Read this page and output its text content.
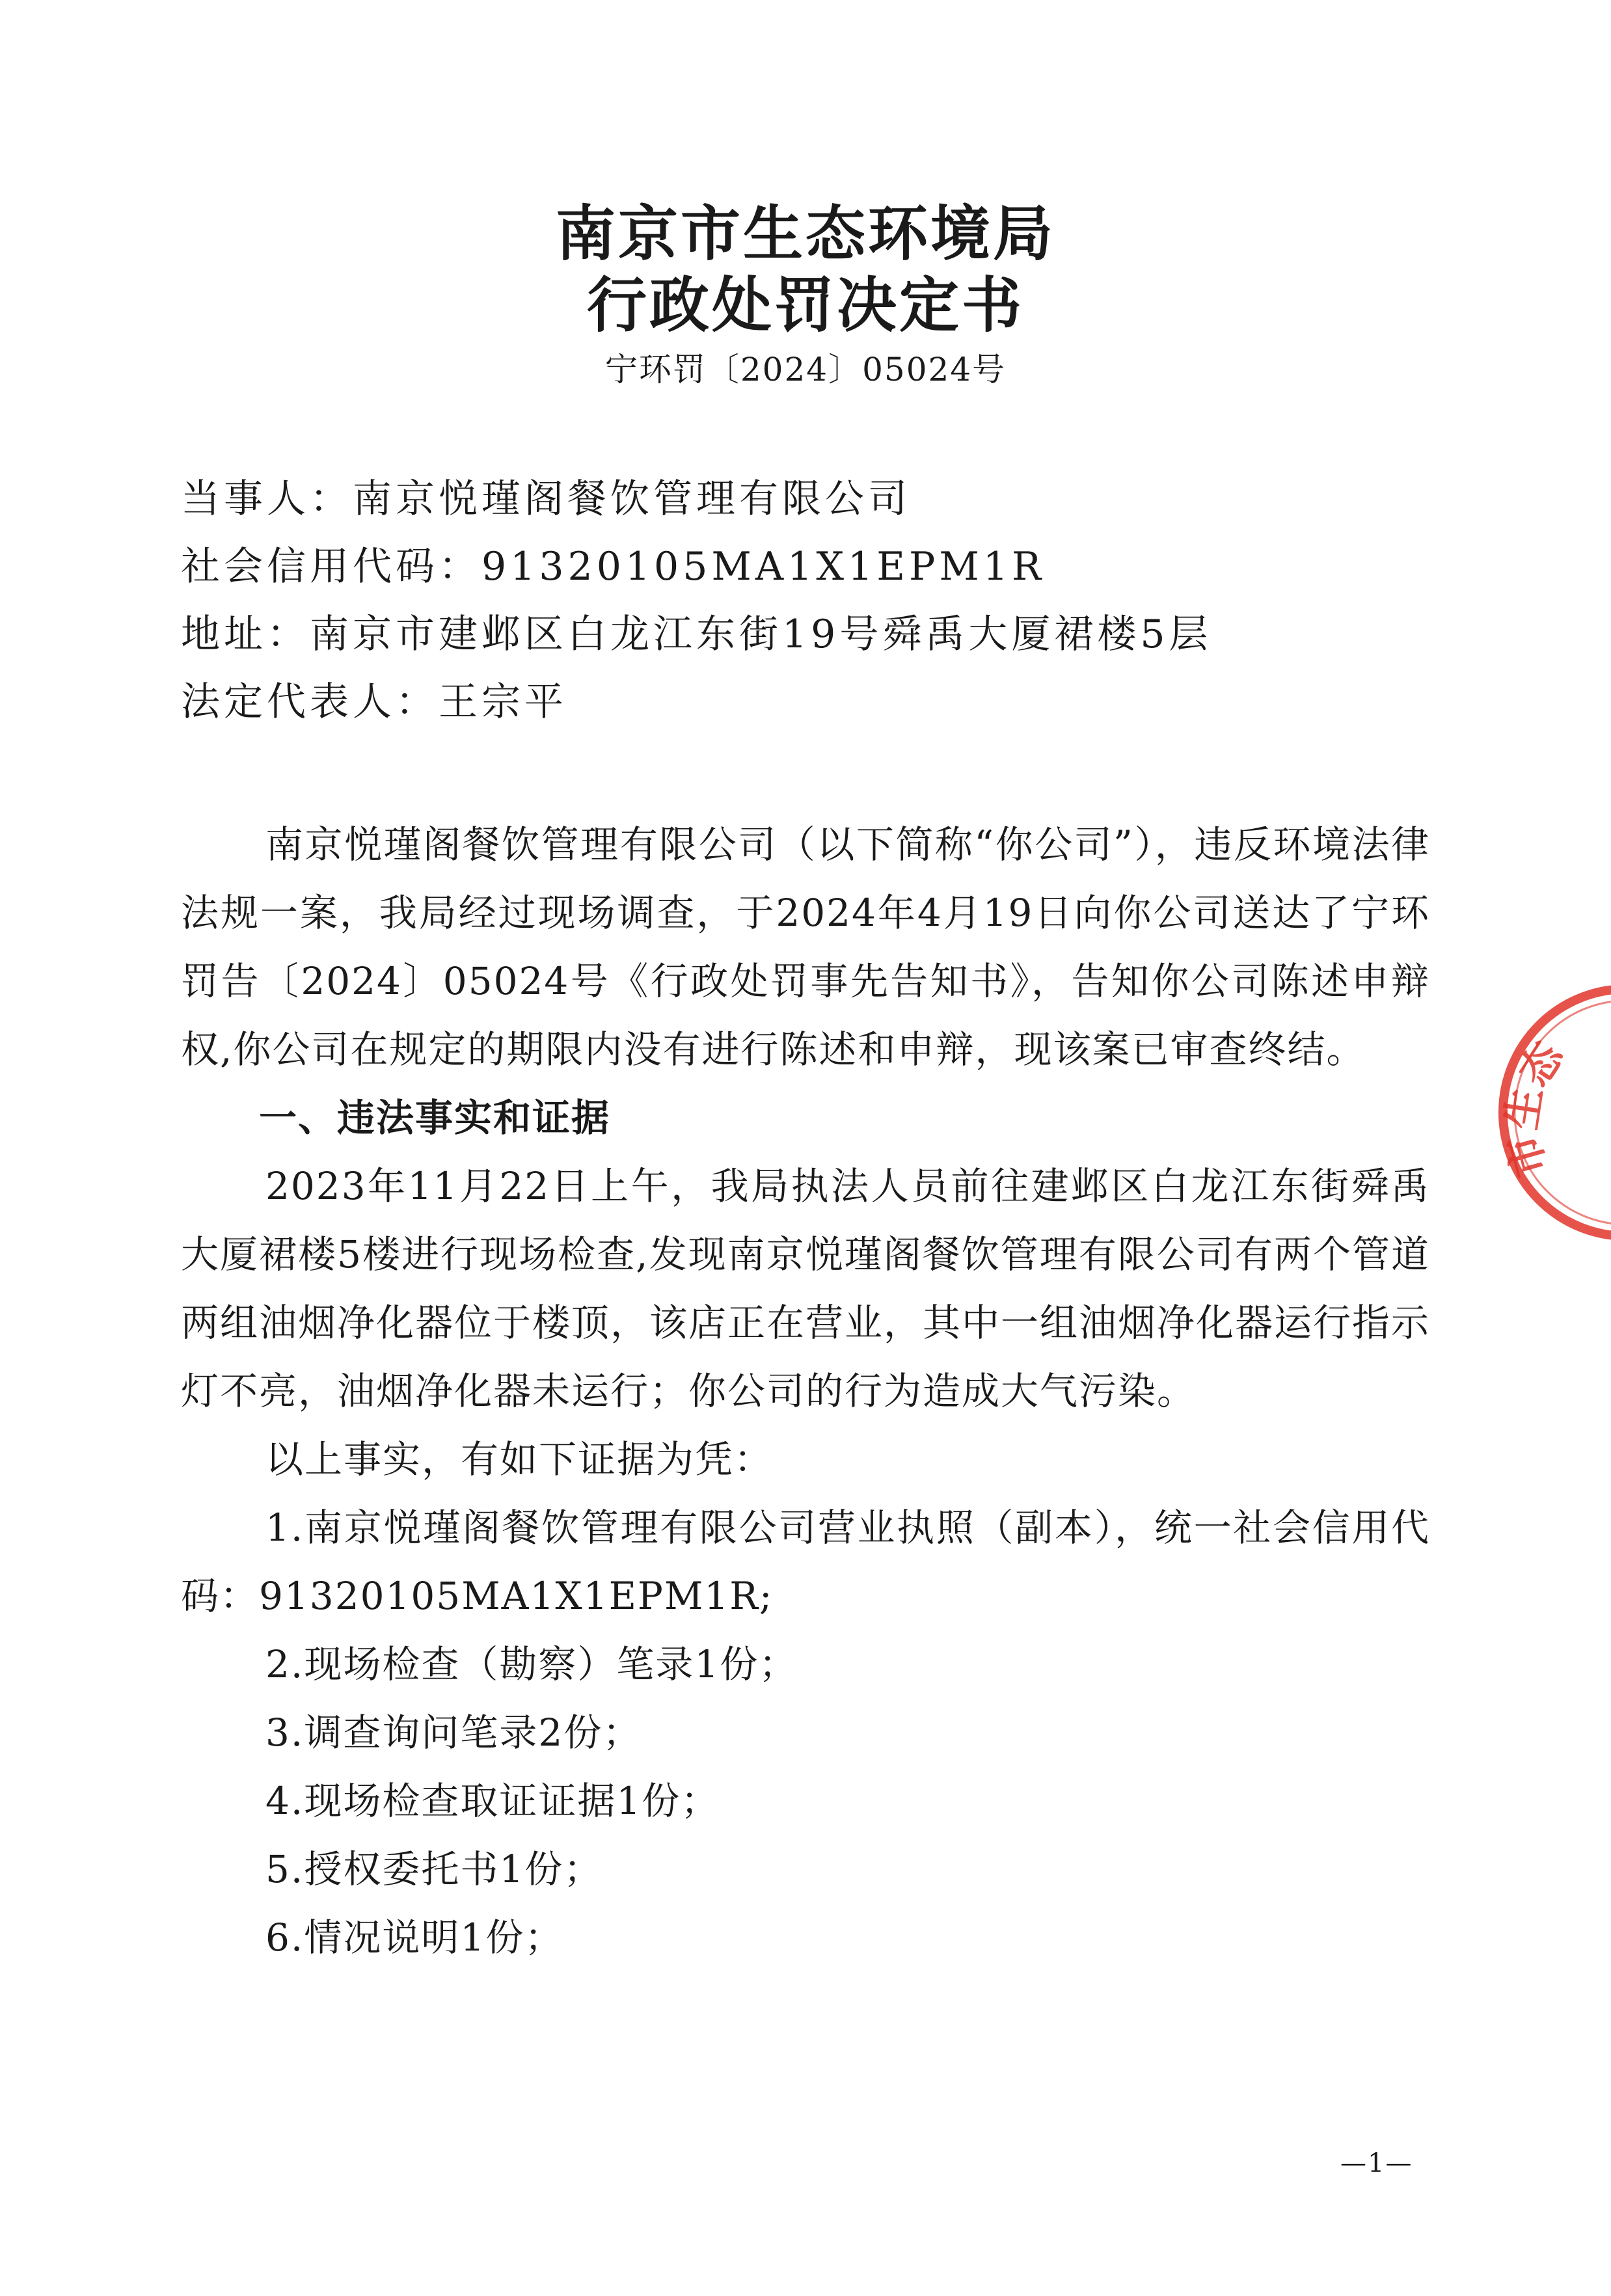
南京市生态环境局
行政处罚决定书
宁环罚〔2024〕05024号
当事人：南京悦瑾阁餐饮管理有限公司
社会信用代码：91320105MA1X1EPM1R
地址：南京市建邺区白龙江东街19号舜禹大厦裙楼5层
法定代表人：王宗平

南京悦瑾阁餐饮管理有限公司（以下简称“你公司”），违反环境法律法规一案，我局经过现场调查，于2024年4月19日向你公司送达了宁环罚告〔2024〕05024号《行政处罚事先告知书》，告知你公司陈述申辩权,你公司在规定的期限内没有进行陈述和申辩，现该案已审查终结。

一、违法事实和证据

2023年11月22日上午，我局执法人员前往建邺区白龙江东街舜禹大厦裙楼5楼进行现场检查,发现南京悦瑾阁餐饮管理有限公司有两个管道两组油烟净化器位于楼顶，该店正在营业，其中一组油烟净化器运行指示灯不亮，油烟净化器未运行；你公司的行为造成大气污染。

以上事实，有如下证据为凭：

1.南京悦瑾阁餐饮管理有限公司营业执照（副本），统一社会信用代码：91320105MA1X1EPM1R;

2.现场检查（勘察）笔录1份；

3.调查询问笔录2份；

4.现场检查取证证据1份；

5.授权委托书1份；

6.情况说明1份；

市生态
—1—
